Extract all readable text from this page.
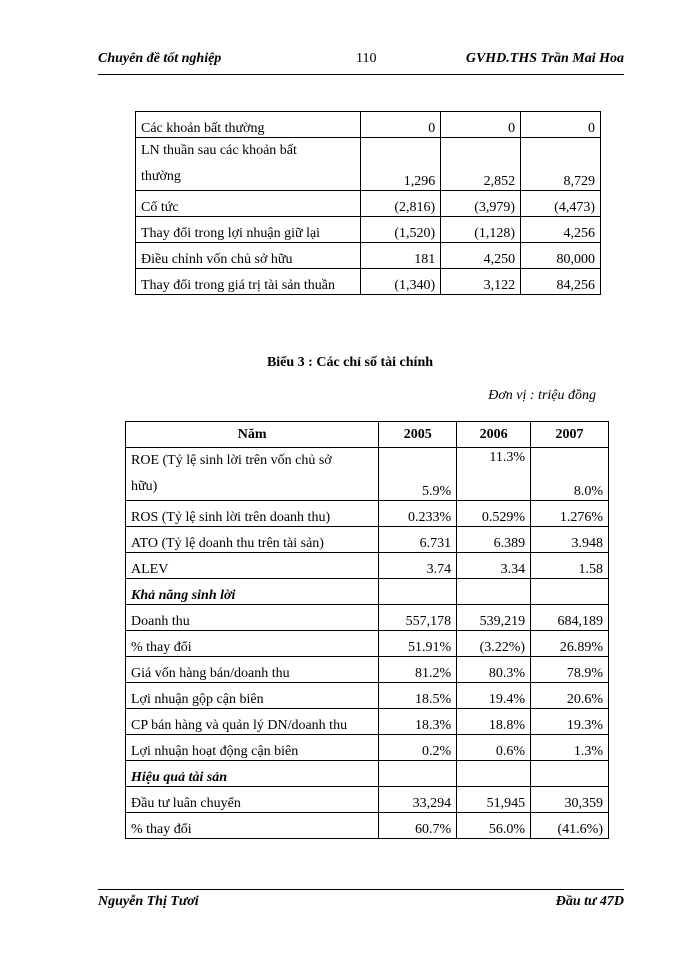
Chuyên đề tốt nghiệp	110	GVHD.THS Trần Mai Hoa
Các khoản bất thường	0	0	0
LN thuần sau các khoản bất
thường	1,296	2,852	8,729
Cổ tức	(2,816)	(3,979)	(4,473)
Thay đổi trong lợi nhuận giữ lại	(1,520)	(1,128)	4,256
Điều chỉnh vốn chủ sở hữu	181	4,250	80,000
Thay đổi trong giá trị tài sản thuần	(1,340)	3,122	84,256
Biểu 3 : Các chỉ số tài chính
Đơn vị : triệu đồng
Năm	2005	2006	2007
ROE (Tỷ lệ sinh lời trên vốn chủ sở
hữu)	5.9%	11.3%	8.0%
ROS (Tỷ lệ sinh lời trên doanh thu)	0.233%	0.529%	1.276%
ATO (Tỷ lệ doanh thu trên tài sản)	6.731	6.389	3.948
ALEV	3.74	3.34	1.58
Khả năng sinh lời			
Doanh thu	557,178	539,219	684,189
% thay đổi	51.91%	(3.22%)	26.89%
Giá vốn hàng bán/doanh thu	81.2%	80.3%	78.9%
Lợi nhuận gộp cận biên	18.5%	19.4%	20.6%
CP bán hàng và quản lý DN/doanh thu	18.3%	18.8%	19.3%
Lợi nhuận hoạt động cận biên	0.2%	0.6%	1.3%
Hiệu quả tài sản			
Đầu tư luân chuyển	33,294	51,945	30,359
% thay đổi	60.7%	56.0%	(41.6%)
Nguyễn Thị Tươi	Đầu tư 47D
